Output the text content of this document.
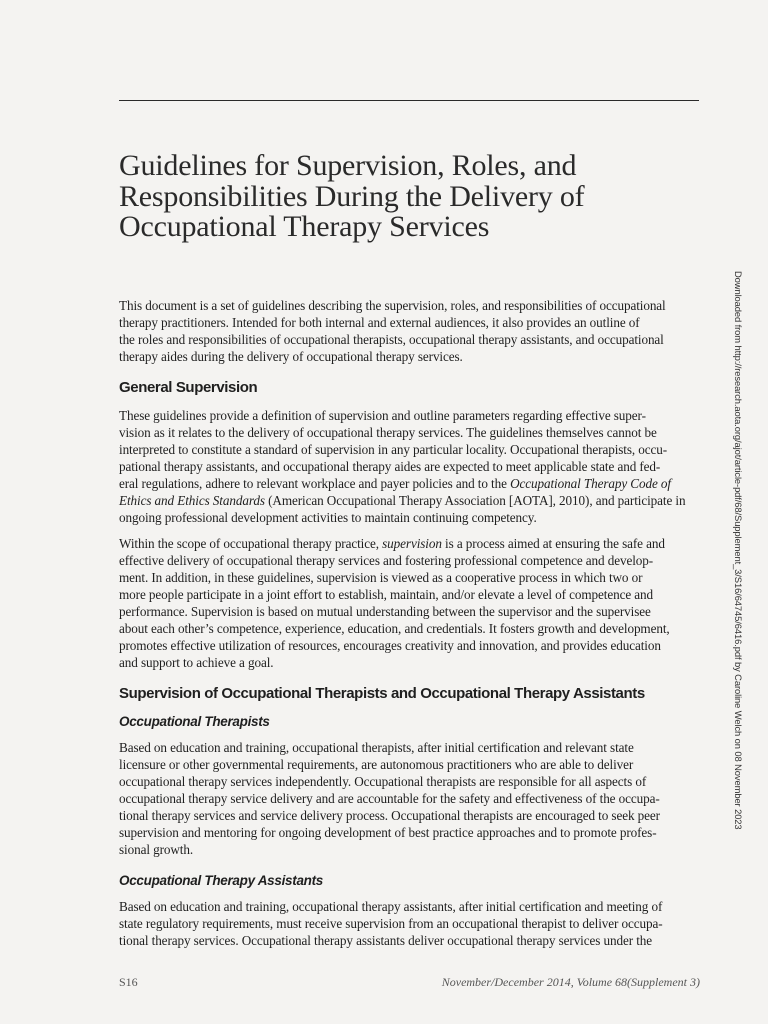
Guidelines for Supervision, Roles, and
Responsibilities During the Delivery of
Occupational Therapy Services

This document is a set of guidelines describing the supervision, roles, and responsibilities of occupational
therapy practitioners. Intended for both internal and external audiences, it also provides an outline of
the roles and responsibilities of occupational therapists, occupational therapy assistants, and occupational
therapy aides during the delivery of occupational therapy services.

General Supervision

These guidelines provide a definition of supervision and outline parameters regarding effective super-
vision as it relates to the delivery of occupational therapy services. The guidelines themselves cannot be
interpreted to constitute a standard of supervision in any particular locality. Occupational therapists, occu-
pational therapy assistants, and occupational therapy aides are expected to meet applicable state and fed-
eral regulations, adhere to relevant workplace and payer policies and to the Occupational Therapy Code of
Ethics and Ethics Standards (American Occupational Therapy Association [AOTA], 2010), and participate in
ongoing professional development activities to maintain continuing competency.

Within the scope of occupational therapy practice, supervision is a process aimed at ensuring the safe and
effective delivery of occupational therapy services and fostering professional competence and develop-
ment. In addition, in these guidelines, supervision is viewed as a cooperative process in which two or
more people participate in a joint effort to establish, maintain, and/or elevate a level of competence and
performance. Supervision is based on mutual understanding between the supervisor and the supervisee
about each other’s competence, experience, education, and credentials. It fosters growth and development,
promotes effective utilization of resources, encourages creativity and innovation, and provides education
and support to achieve a goal.

Supervision of Occupational Therapists and Occupational Therapy Assistants
Occupational Therapists

Based on education and training, occupational therapists, after initial certification and relevant state
licensure or other governmental requirements, are autonomous practitioners who are able to deliver
occupational therapy services independently. Occupational therapists are responsible for all aspects of
occupational therapy service delivery and are accountable for the safety and effectiveness of the occupa-
tional therapy services and service delivery process. Occupational therapists are encouraged to seek peer
supervision and mentoring for ongoing development of best practice approaches and to promote profes-
sional growth.

Occupational Therapy Assistants

Based on education and training, occupational therapy assistants, after initial certification and meeting of
state regulatory requirements, must receive supervision from an occupational therapist to deliver occupa-
tional therapy services. Occupational therapy assistants deliver occupational therapy services under the

Downloaded from http://research.aota.org/ajot/article-pdf/68/Supplement_3/S16/64745/6416.pdf by Caroline Welch on 08 November 2023
S16	November/December 2014, Volume 68(Supplement 3)
